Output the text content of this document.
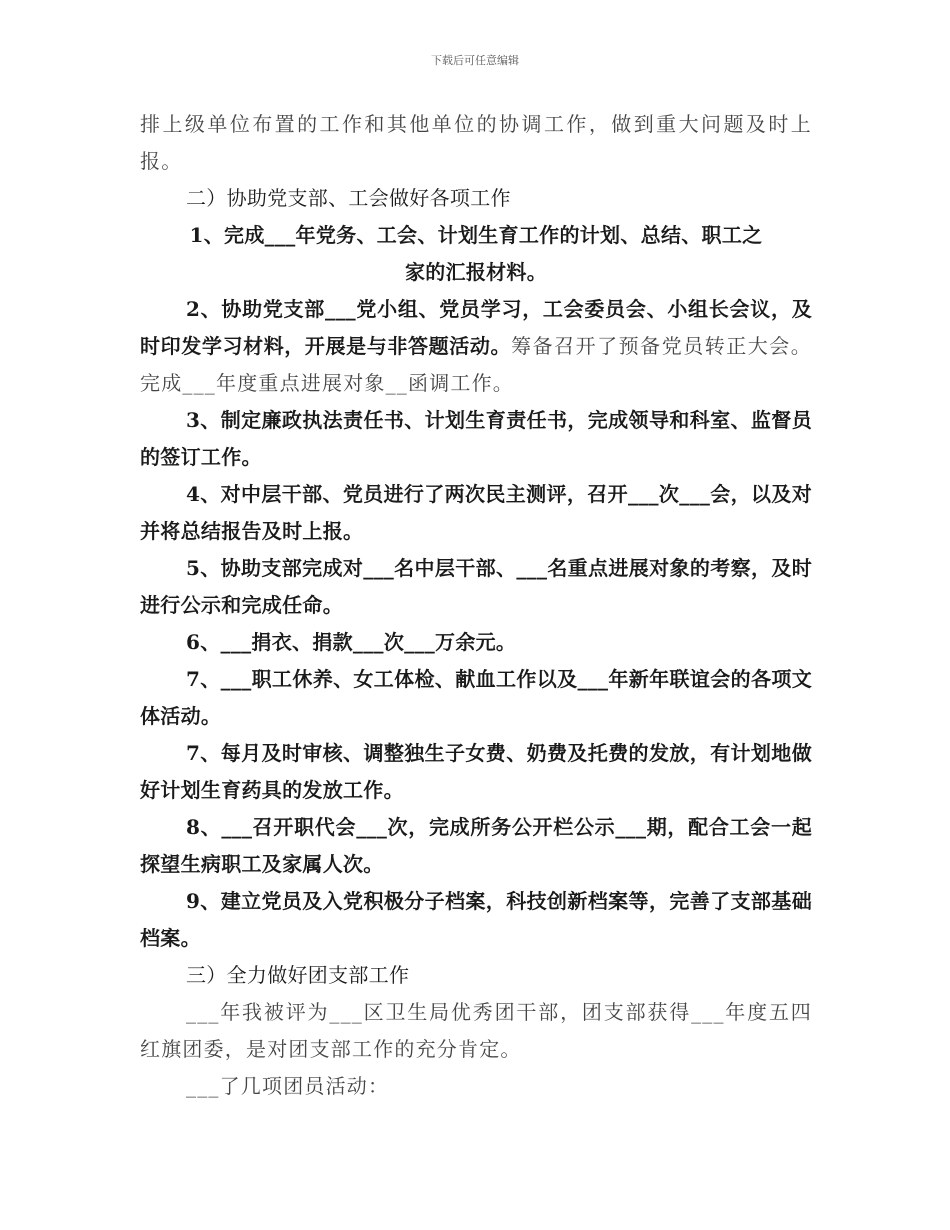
下载后可任意编辑

排上级单位布置的工作和其他单位的协调工作，做到重大问题及时上报。

二）协助党支部、工会做好各项工作

1、完成___年党务、工会、计划生育工作的计划、总结、职工之

家的汇报材料。

2、协助党支部___党小组、党员学习，工会委员会、小组长会议，及时印发学习材料，开展是与非答题活动。筹备召开了预备党员转正大会。完成___年度重点进展对象__函调工作。

3、制定廉政执法责任书、计划生育责任书，完成领导和科室、监督员的签订工作。

4、对中层干部、党员进行了两次民主测评，召开___次___会，以及对并将总结报告及时上报。

5、协助支部完成对___名中层干部、___名重点进展对象的考察，及时进行公示和完成任命。

6、___捐衣、捐款___次___万余元。

7、___职工休养、女工体检、献血工作以及___年新年联谊会的各项文体活动。

7、每月及时审核、调整独生子女费、奶费及托费的发放，有计划地做好计划生育药具的发放工作。

8、___召开职代会___次，完成所务公开栏公示___期，配合工会一起探望生病职工及家属人次。

9、建立党员及入党积极分子档案，科技创新档案等，完善了支部基础档案。

三）全力做好团支部工作

___年我被评为___区卫生局优秀团干部，团支部获得___年度五四红旗团委，是对团支部工作的充分肯定。

___了几项团员活动：
